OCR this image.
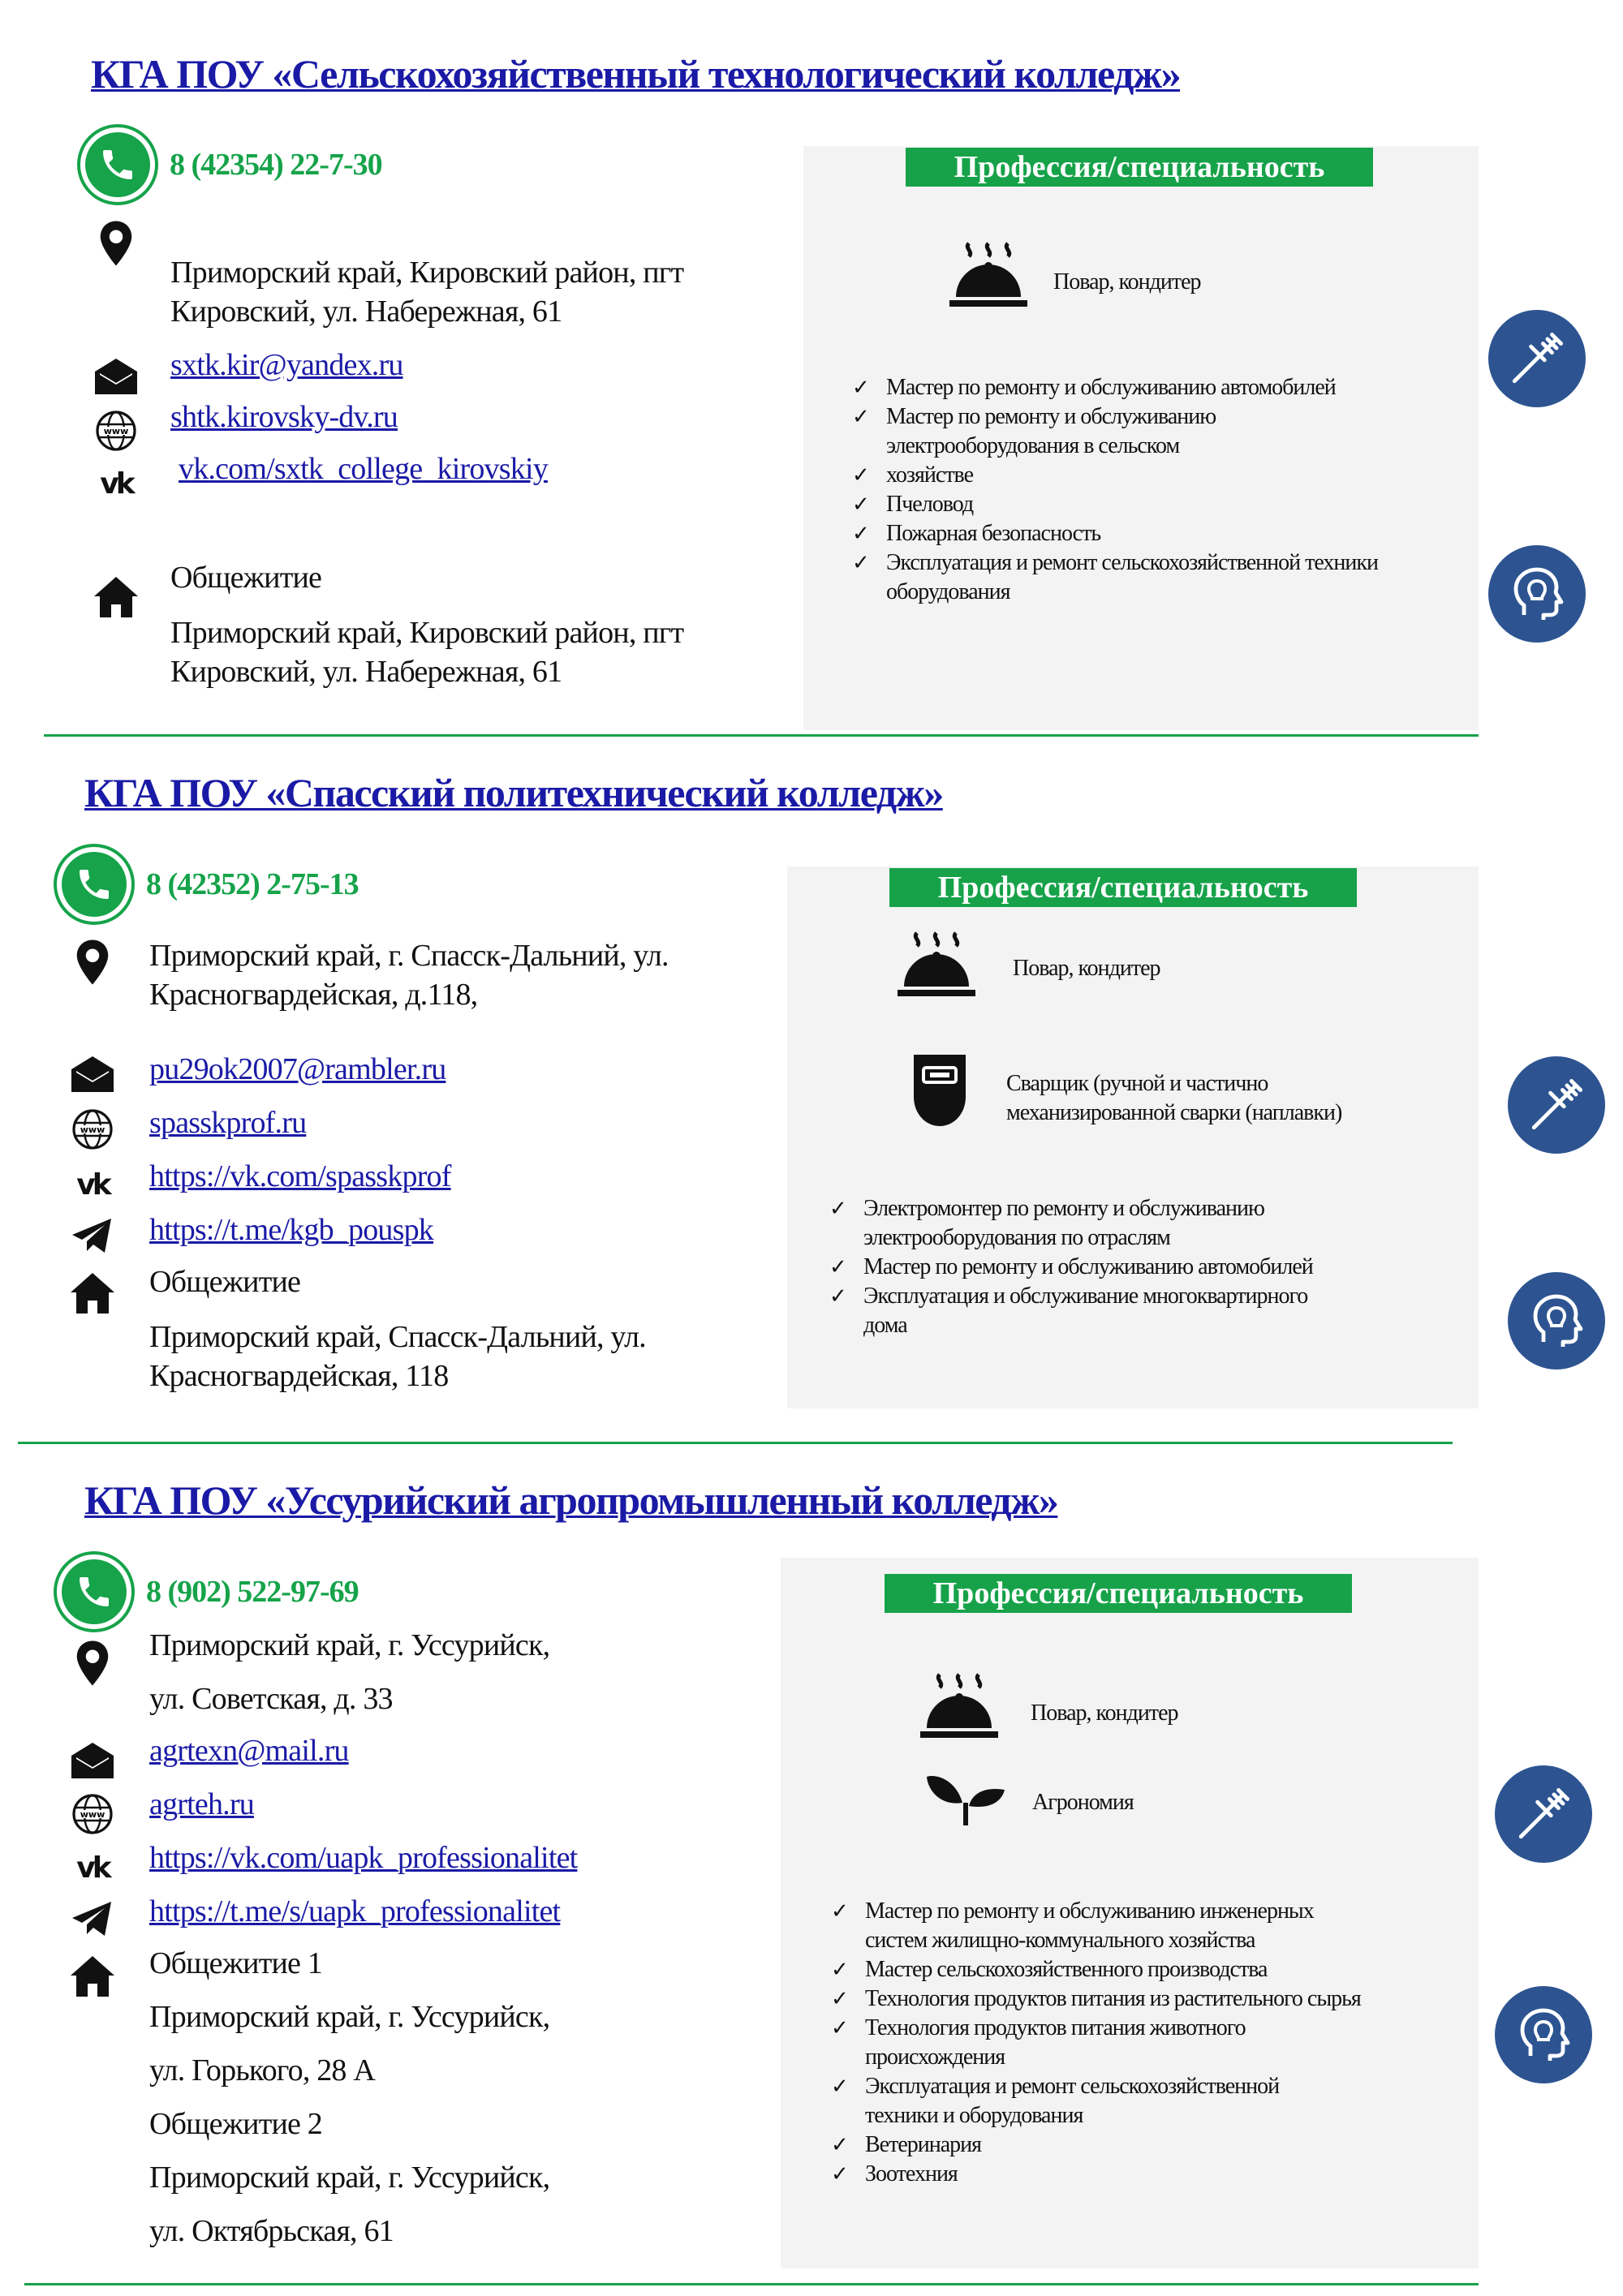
КГА ПОУ «Сельскохозяйственный технологический колледж»
8 (42354) 22-7-30
Приморский край, Кировский район, пгт
Кировский, ул. Набережная, 61
sxtk.kir@yandex.ru
www shtk.kirovsky-dv.ru
vk vk.com/sxtk_college_kirovskiy
Общежитие
Приморский край, Кировский район, пгт
Кировский, ул. Набережная, 61
Профессия/специальность
Повар, кондитер
✓ Мастер по ремонту и обслуживанию автомобилей
✓ Мастер по ремонту и обслуживанию
электрооборудования в сельском
✓ хозяйстве
✓ Пчеловод
✓ Пожарная безопасность
✓ Эксплуатация и ремонт сельскохозяйственной техники
оборудования
КГА ПОУ «Спасский политехнический колледж»
8 (42352) 2-75-13
Приморский край, г. Спасск-Дальний, ул.
Красногвардейская, д.118,
pu29ok2007@rambler.ru
www spasskprof.ru
vk https://vk.com/spasskprof
https://t.me/kgb_pouspk
Общежитие
Приморский край, Спасск-Дальний, ул.
Красногвардейская, 118
Профессия/специальность
Повар, кондитер
Сварщик (ручной и частично
механизированной сварки (наплавки)
✓ Электромонтер по ремонту и обслуживанию
электрооборудования по отраслям
✓ Мастер по ремонту и обслуживанию автомобилей
✓ Эксплуатация и обслуживание многоквартирного
дома
КГА ПОУ «Уссурийский агропромышленный колледж»
8 (902) 522-97-69
Приморский край, г. Уссурийск,
ул. Советская, д. 33
agrtexn@mail.ru
www agrteh.ru
vk https://vk.com/uapk_professionalitet
https://t.me/s/uapk_professionalitet
Общежитие 1
Приморский край, г. Уссурийск,
ул. Горького, 28 А
Общежитие 2
Приморский край, г. Уссурийск,
ул. Октябрьская, 61
Профессия/специальность
Повар, кондитер
Агрономия
✓ Мастер по ремонту и обслуживанию инженерных
систем жилищно-коммунального хозяйства
✓ Мастер сельскохозяйственного производства
✓ Технология продуктов питания из растительного сырья
✓ Технология продуктов питания животного
происхождения
✓ Эксплуатация и ремонт сельскохозяйственной
техники и оборудования
✓ Ветеринария
✓ Зоотехния
